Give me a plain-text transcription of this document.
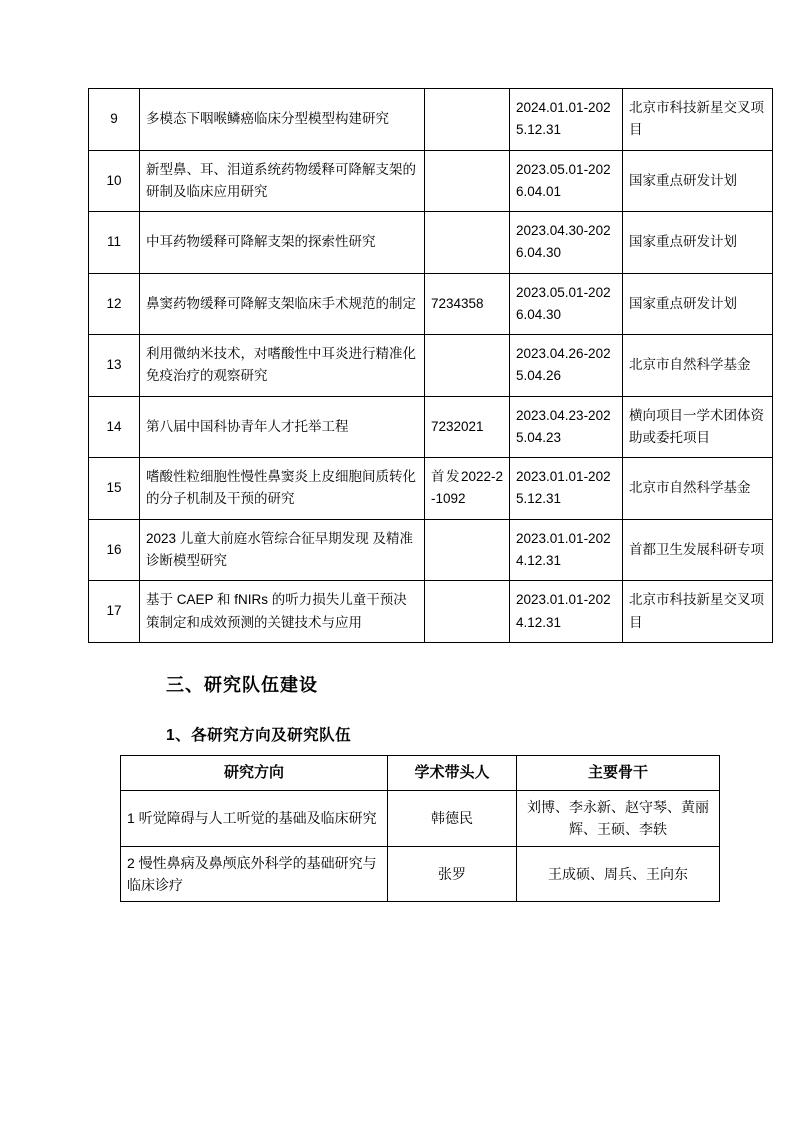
9	多模态下咽喉鳞癌临床分型模型构建研究		2024.01.01-2025.12.31	北京市科技新星交叉项目
10	新型鼻、耳、泪道系统药物缓释可降解支架的研制及临床应用研究		2023.05.01-2026.04.01	国家重点研发计划
11	中耳药物缓释可降解支架的探索性研究		2023.04.30-2026.04.30	国家重点研发计划
12	鼻窦药物缓释可降解支架临床手术规范的制定	7234358	2023.05.01-2026.04.30	国家重点研发计划
13	利用微纳米技术，对嗜酸性中耳炎进行精准化免疫治疗的观察研究		2023.04.26-2025.04.26	北京市自然科学基金
14	第八届中国科协青年人才托举工程	7232021	2023.04.23-2025.04.23	横向项目一学术团体资助或委托项目
15	嗜酸性粒细胞性慢性鼻窦炎上皮细胞间质转化的分子机制及干预的研究	首发2022-2-1092	2023.01.01-2025.12.31	北京市自然科学基金
16	2023 儿童大前庭水管综合征早期发现 及精准诊断模型研究		2023.01.01-2024.12.31	首都卫生发展科研专项
17	基于 CAEP 和 fNIRs 的听力损失儿童干预决策制定和成效预测的关键技术与应用		2023.01.01-2024.12.31	北京市科技新星交叉项目
三、研究队伍建设
1、各研究方向及研究队伍
研究方向	学术带头人	主要骨干
1 听觉障碍与人工听觉的基础及临床研究	韩德民	刘博、李永新、赵守琴、黄丽辉、王硕、李轶
2 慢性鼻病及鼻颅底外科学的基础研究与临床诊疗	张罗	王成硕、周兵、王向东
